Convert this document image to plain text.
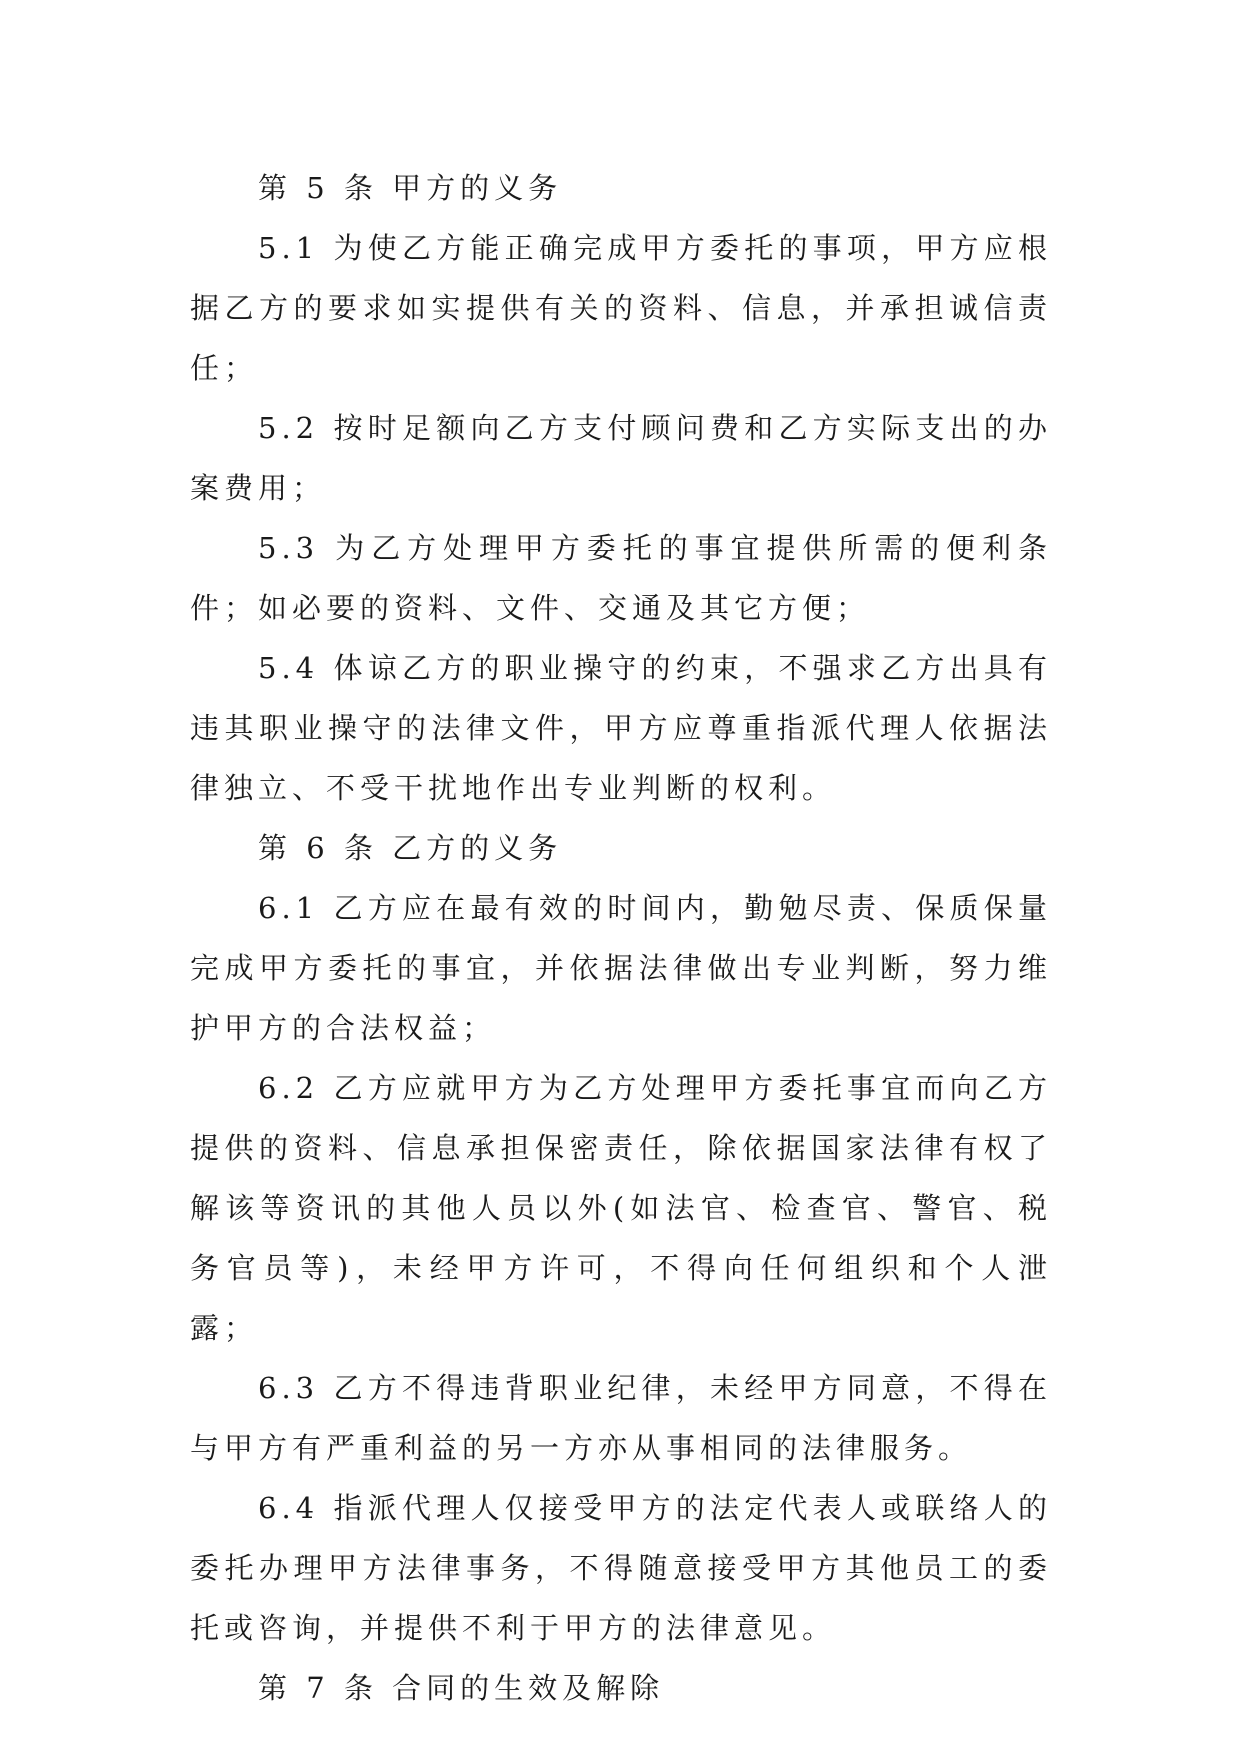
第 5 条 甲方的义务

5.1 为使乙方能正确完成甲方委托的事项，甲方应根据乙方的要求如实提供有关的资料、信息，并承担诚信责任；

5.2 按时足额向乙方支付顾问费和乙方实际支出的办案费用；

5.3 为乙方处理甲方委托的事宜提供所需的便利条件；如必要的资料、文件、交通及其它方便；

5.4 体谅乙方的职业操守的约束，不强求乙方出具有违其职业操守的法律文件，甲方应尊重指派代理人依据法律独立、不受干扰地作出专业判断的权利。

第 6 条 乙方的义务

6.1 乙方应在最有效的时间内，勤勉尽责、保质保量完成甲方委托的事宜，并依据法律做出专业判断，努力维护甲方的合法权益；

6.2 乙方应就甲方为乙方处理甲方委托事宜而向乙方提供的资料、信息承担保密责任，除依据国家法律有权了解该等资讯的其他人员以外(如法官、检查官、警官、税务官员等)，未经甲方许可，不得向任何组织和个人泄露；

6.3 乙方不得违背职业纪律，未经甲方同意，不得在与甲方有严重利益的另一方亦从事相同的法律服务。

6.4 指派代理人仅接受甲方的法定代表人或联络人的委托办理甲方法律事务，不得随意接受甲方其他员工的委托或咨询，并提供不利于甲方的法律意见。

第 7 条 合同的生效及解除
